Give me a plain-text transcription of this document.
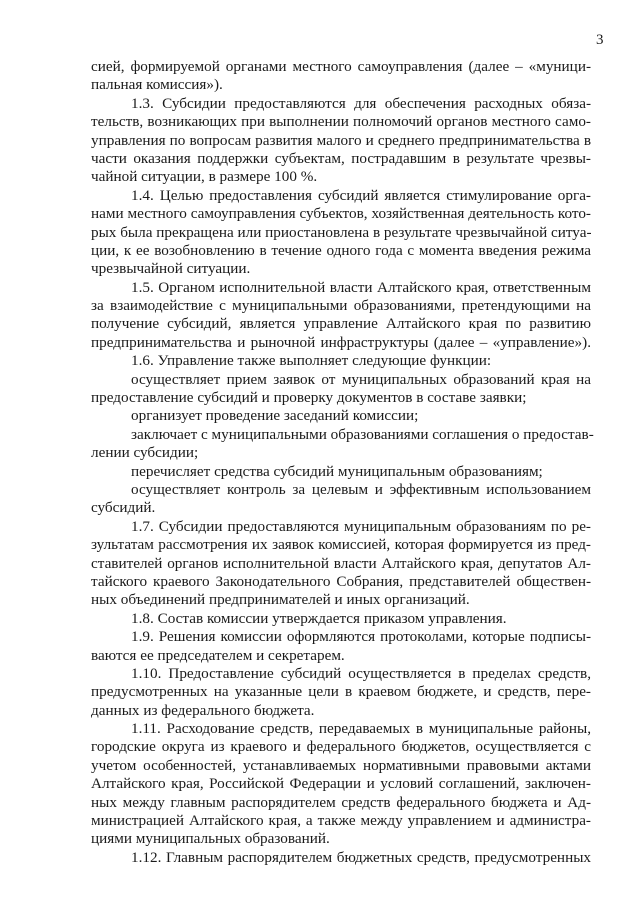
3
сией, формируемой органами местного самоуправления (далее – «муници-
пальная комиссия»).
1.3. Субсидии предоставляются для обеспечения расходных обяза-
тельств, возникающих при выполнении полномочий органов местного само-
управления по вопросам развития малого и среднего предпринимательства в
части оказания поддержки субъектам, пострадавшим в результате чрезвы-
чайной ситуации, в размере 100 %.
1.4. Целью предоставления субсидий является стимулирование орга-
нами местного самоуправления субъектов, хозяйственная деятельность кото-
рых была прекращена или приостановлена в результате чрезвычайной ситуа-
ции, к ее возобновлению в течение одного года с момента введения режима
чрезвычайной ситуации.
1.5. Органом исполнительной власти Алтайского края, ответственным
за взаимодействие с муниципальными образованиями, претендующими на
получение субсидий, является управление Алтайского края по развитию
предпринимательства и рыночной инфраструктуры (далее – «управление»).
1.6. Управление также выполняет следующие функции:
осуществляет прием заявок от муниципальных образований края на
предоставление субсидий и проверку документов в составе заявки;
организует проведение заседаний комиссии;
заключает с муниципальными образованиями соглашения о предостав-
лении субсидии;
перечисляет средства субсидий муниципальным образованиям;
осуществляет контроль за целевым и эффективным использованием
субсидий.
1.7. Субсидии предоставляются муниципальным образованиям по ре-
зультатам рассмотрения их заявок комиссией, которая формируется из пред-
ставителей органов исполнительной власти Алтайского края, депутатов Ал-
тайского краевого Законодательного Собрания, представителей обществен-
ных объединений предпринимателей и иных организаций.
1.8. Состав комиссии утверждается приказом управления.
1.9. Решения комиссии оформляются протоколами, которые подписы-
ваются ее председателем и секретарем.
1.10. Предоставление субсидий осуществляется в пределах средств,
предусмотренных на указанные цели в краевом бюджете, и средств, пере-
данных из федерального бюджета.
1.11. Расходование средств, передаваемых в муниципальные районы,
городские округа из краевого и федерального бюджетов, осуществляется с
учетом особенностей, устанавливаемых нормативными правовыми актами
Алтайского края, Российской Федерации и условий соглашений, заключен-
ных между главным распорядителем средств федерального бюджета и Ад-
министрацией Алтайского края, а также между управлением и администра-
циями муниципальных образований.
1.12. Главным распорядителем бюджетных средств, предусмотренных
